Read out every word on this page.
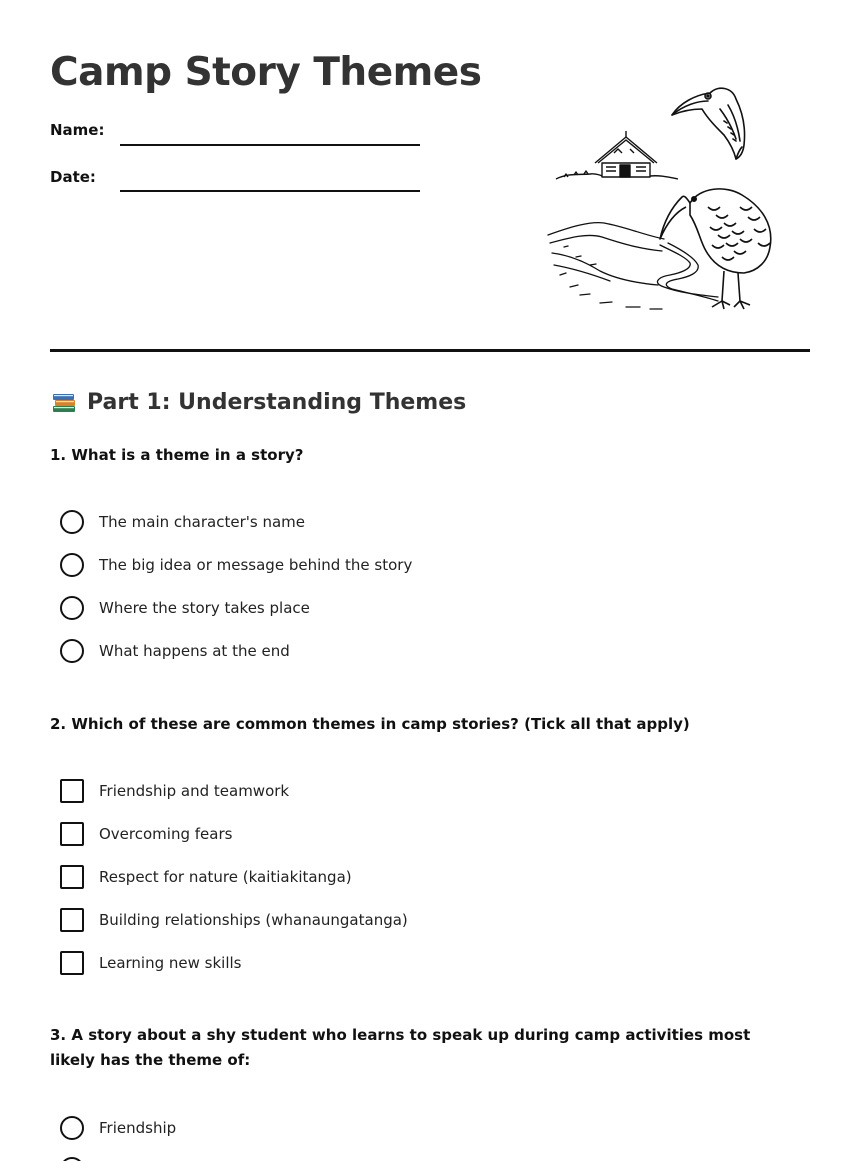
Camp Story Themes
Name:
Date:
Part 1: Understanding Themes
1. What is a theme in a story?
The main character's name
The big idea or message behind the story
Where the story takes place
What happens at the end
2. Which of these are common themes in camp stories? (Tick all that apply)
Friendship and teamwork
Overcoming fears
Respect for nature (kaitiakitanga)
Building relationships (whanaungatanga)
Learning new skills
3. A story about a shy student who learns to speak up during camp activities most likely has the theme of:
Friendship
